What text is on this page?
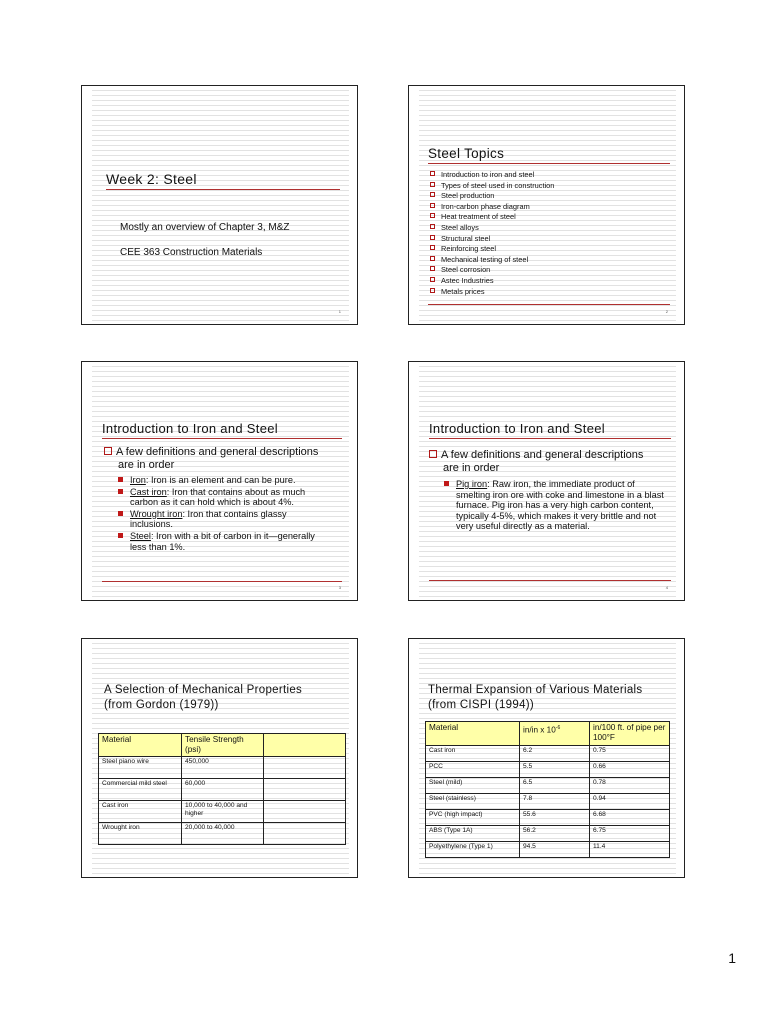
Week 2: Steel
Mostly an overview of Chapter 3, M&Z
CEE 363 Construction Materials
1
Steel Topics
Introduction to iron and steel
Types of steel used in construction
Steel production
Iron-carbon phase diagram
Heat treatment of steel
Steel alloys
Structural steel
Reinforcing steel
Mechanical testing of steel
Steel corrosion
Astec Industries
Metals prices
2
Introduction to Iron and Steel
A few definitions and general descriptions are in order
Iron: Iron is an element and can be pure.
Cast iron: Iron that contains about as much carbon as it can hold which is about 4%.
Wrought iron: Iron that contains glassy inclusions.
Steel: Iron with a bit of carbon in it—generally less than 1%.
3
Introduction to Iron and Steel
A few definitions and general descriptions are in order
Pig iron: Raw iron, the immediate product of smelting iron ore with coke and limestone in a blast furnace. Pig iron has a very high carbon content, typically 4-5%, which makes it very brittle and not very useful directly as a material.
4
A Selection of Mechanical Properties (from Gordon (1979))
Material	Tensile Strength (psi)	
Steel piano wire	450,000	
Commercial mild steel	60,000	
Cast iron	10,000 to 40,000 and higher	
Wrought iron	20,000 to 40,000	
Thermal Expansion of Various Materials (from CISPI (1994))
Material	in/in x $10^{-6}$	in/100 ft. of pipe per 100°F
Cast iron	6.2	0.75
PCC	5.5	0.66
Steel (mild)	6.5	0.78
Steel (stainless)	7.8	0.94
PVC (high impact)	55.6	6.68
ABS (Type 1A)	56.2	6.75
Polyethylene (Type 1)	94.5	11.4
1
